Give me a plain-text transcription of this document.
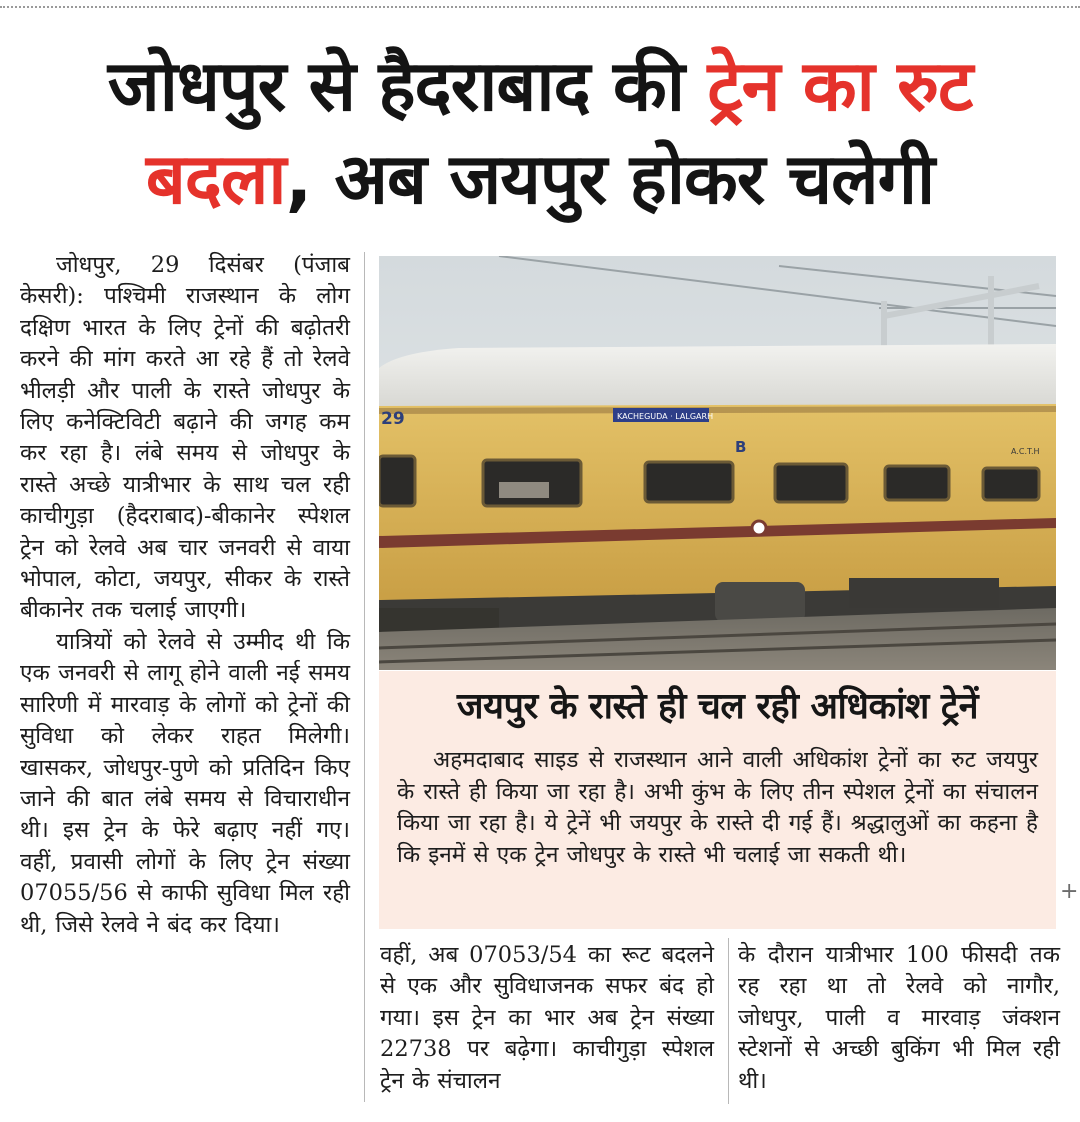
जोधपुर से हैदराबाद की ट्रेन का रुट
बदला, अब जयपुर होकर चलेगी

जोधपुर, 29 दिसंबर (पंजाब केसरी): पश्चिमी राजस्थान के लोग दक्षिण भारत के लिए ट्रेनों की बढ़ोतरी करने की मांग करते आ रहे हैं तो रेलवे भीलड़ी और पाली के रास्ते जोधपुर के लिए कनेक्टिविटी बढ़ाने की जगह कम कर रहा है। लंबे समय से जोधपुर के रास्ते अच्छे यात्रीभार के साथ चल रही काचीगुड़ा (हैदराबाद)-बीकानेर स्पेशल ट्रेन को रेलवे अब चार जनवरी से वाया भोपाल, कोटा, जयपुर, सीकर के रास्ते बीकानेर तक चलाई जाएगी।

यात्रियों को रेलवे से उम्मीद थी कि एक जनवरी से लागू होने वाली नई समय सारिणी में मारवाड़ के लोगों को ट्रेनों की सुविधा को लेकर राहत मिलेगी। खासकर, जोधपुर-पुणे को प्रतिदिन किए जाने की बात लंबे समय से विचाराधीन थी। इस ट्रेन के फेरे बढ़ाए नहीं गए। वहीं, प्रवासी लोगों के लिए ट्रेन संख्या 07055/56 से काफी सुविधा मिल रही थी, जिसे रेलवे ने बंद कर दिया।

KACHEGUDA · LALGARH
29
B	A.C.T.H
जयपुर के रास्ते ही चल रही अधिकांश ट्रेनें

अहमदाबाद साइड से राजस्थान आने वाली अधिकांश ट्रेनों का रुट जयपुर के रास्ते ही किया जा रहा है। अभी कुंभ के लिए तीन स्पेशल ट्रेनों का संचालन किया जा रहा है। ये ट्रेनें भी जयपुर के रास्ते दी गई हैं। श्रद्धालुओं का कहना है कि इनमें से एक ट्रेन जोधपुर के रास्ते भी चलाई जा सकती थी।

+

वहीं, अब 07053/54 का रूट बदलने से एक और सुविधाजनक सफर बंद हो गया। इस ट्रेन का भार अब ट्रेन संख्या 22738 पर बढ़ेगा। काचीगुड़ा स्पेशल ट्रेन के संचालन

के दौरान यात्रीभार 100 फीसदी तक रह रहा था तो रेलवे को नागौर, जोधपुर, पाली व मारवाड़ जंक्शन स्टेशनों से अच्छी बुकिंग भी मिल रही थी।
